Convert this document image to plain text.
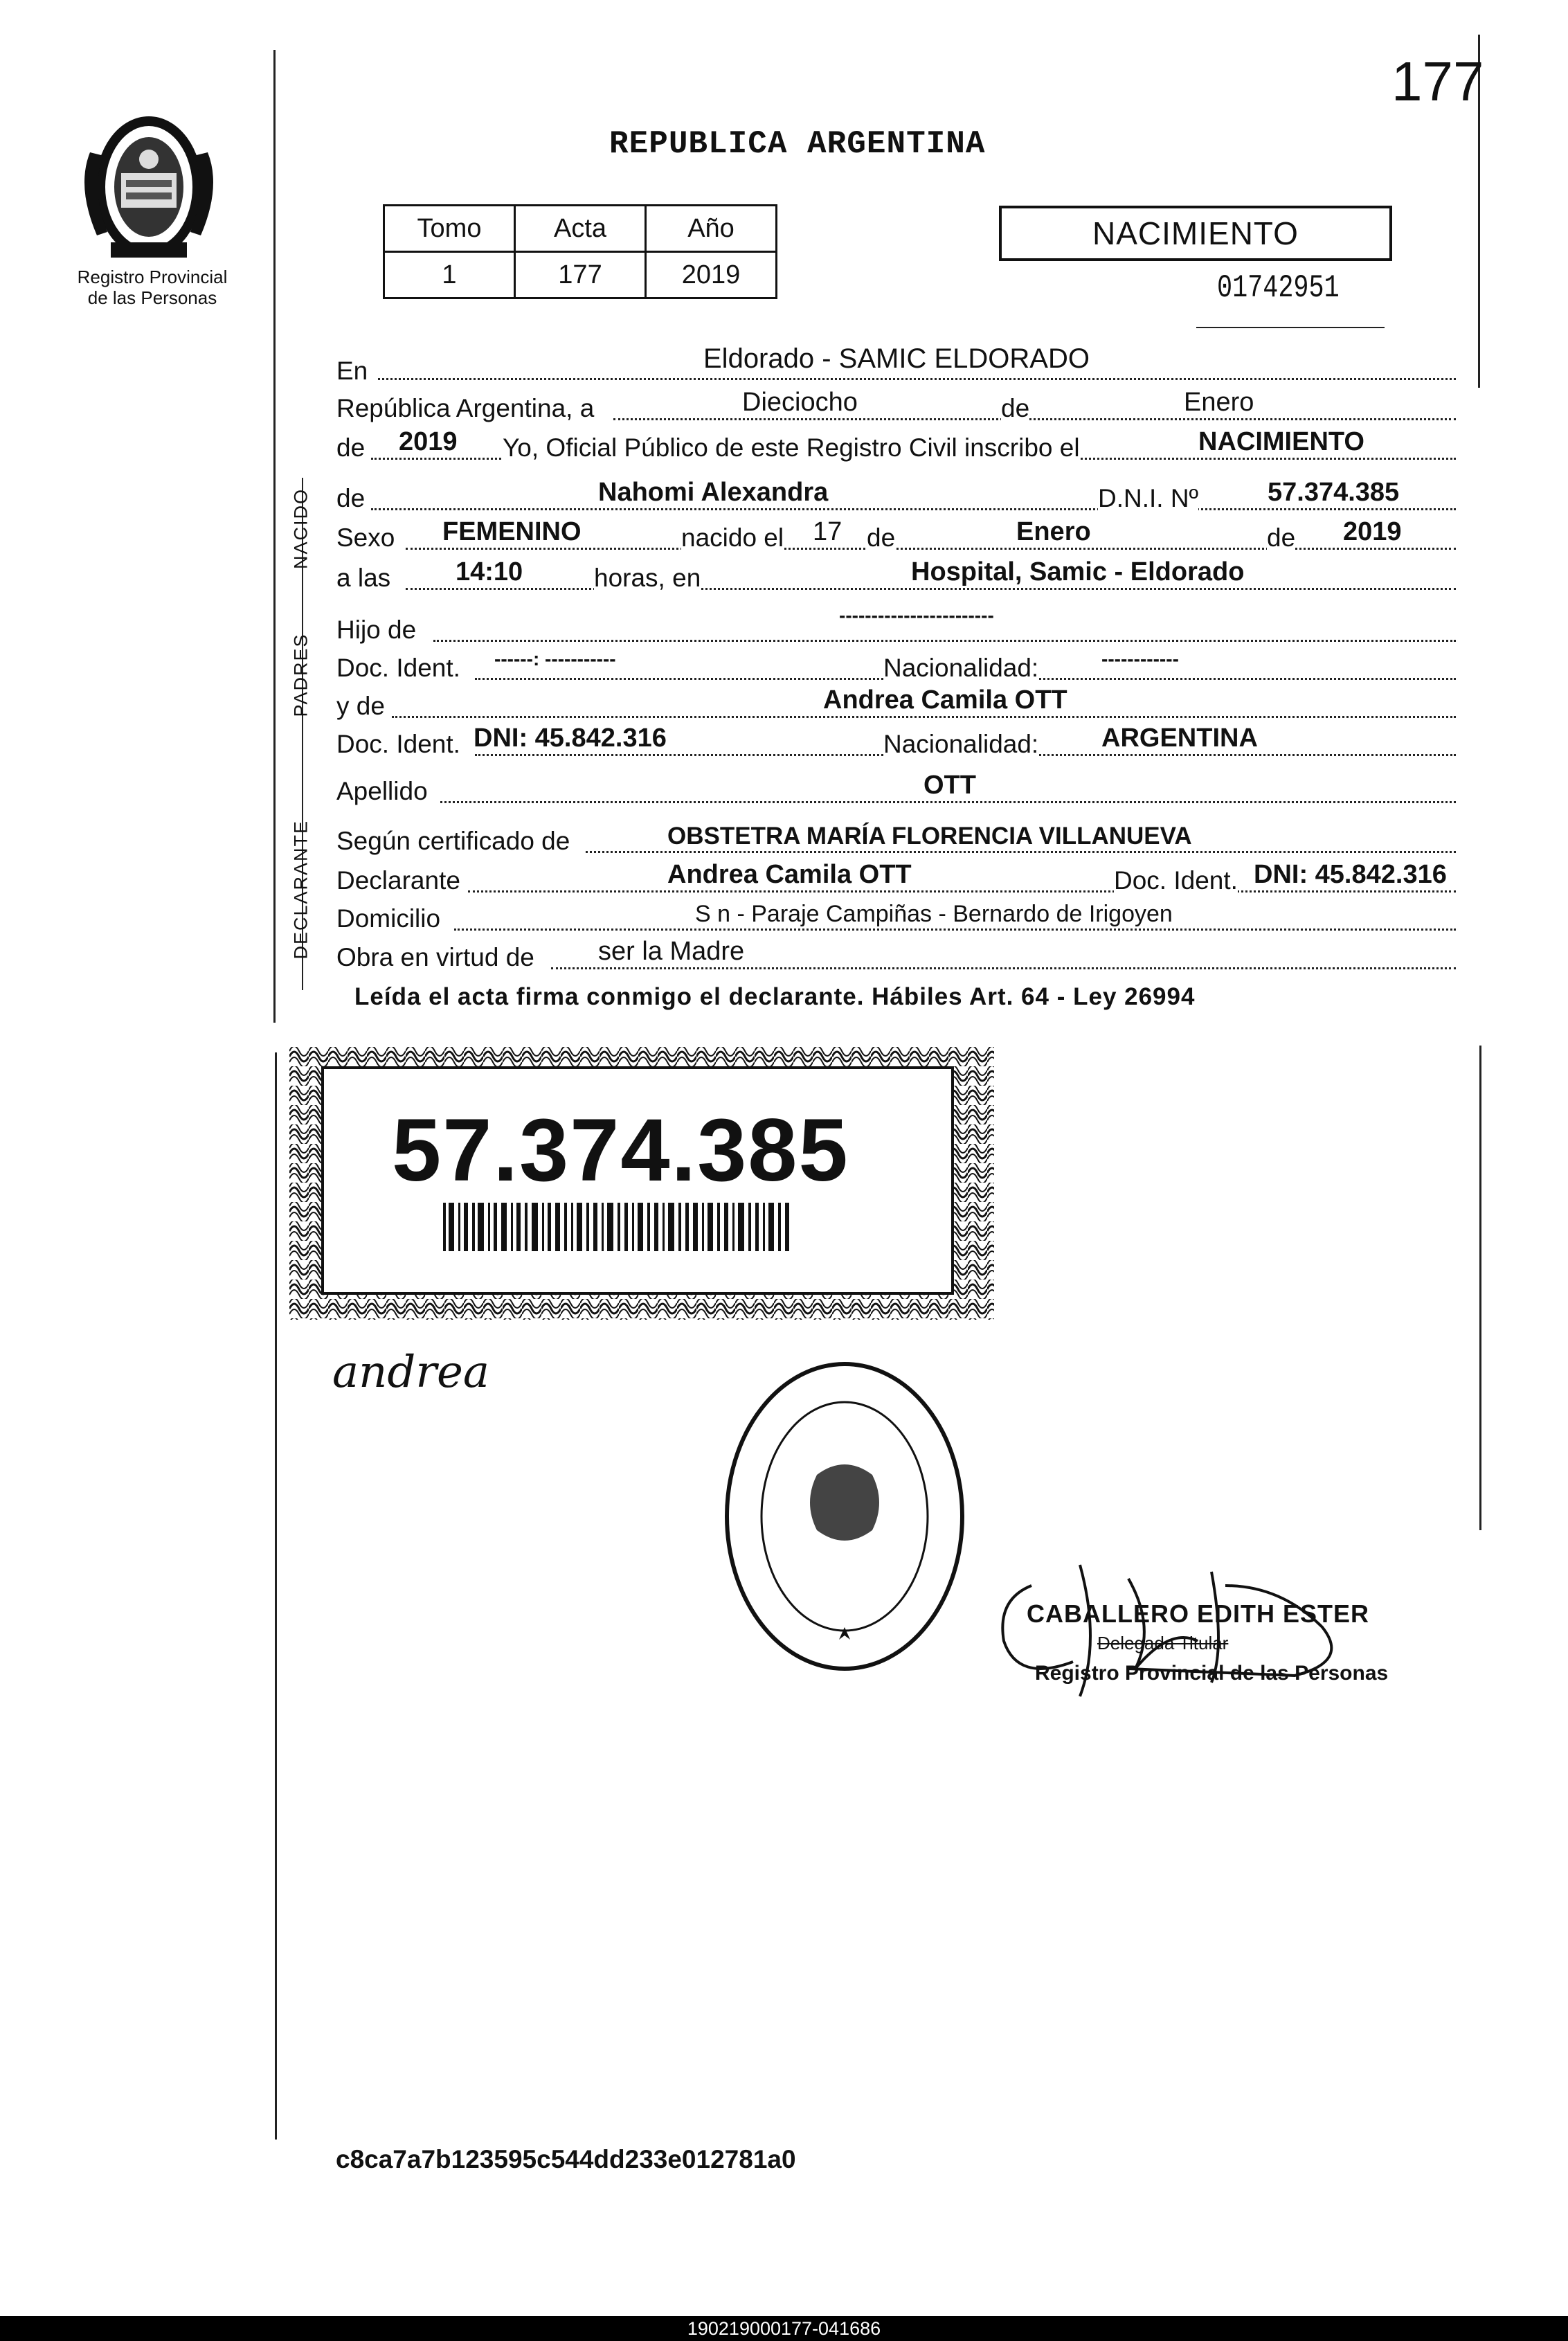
177
Registro Provincial
de las Personas
REPUBLICA ARGENTINA
Tomo	Acta	Año
1	177	2019
NACIMIENTO
01742951
NACIDO
PADRES
DECLARANTE
En	Eldorado - SAMIC ELDORADO
República Argentina, a	Dieciocho	de	Enero
de 2019 Yo, Oficial Público de este Registro Civil inscribo el	NACIMIENTO
de	Nahomi Alexandra	D.N.I. Nº	57.374.385
Sexo FEMENINO	nacido el 17 de	Enero	de 2019
a las 14:10	horas, en	Hospital, Samic - Eldorado
Hijo de
------------------------
Doc. Ident. ------: -----------	Nacionalidad:	------------
y de	Andrea Camila OTT
Doc. Ident. DNI: 45.842.316	Nacionalidad: ARGENTINA
Apellido	OTT
Según certificado de	OBSTETRA MARÍA FLORENCIA VILLANUEVA
Declarante	Andrea Camila OTT	Doc. Ident. DNI: 45.842.316
Domicilio	S n - Paraje Campiñas - Bernardo de Irigoyen
Obra en virtud de ser la Madre
Leída el acta firma conmigo el declarante. Hábiles Art. 64 - Ley 26994
57.374.385
andrea
CABALLERO EDITH ESTER
Delegada Titular
Registro Provincial de las Personas
c8ca7a7b123595c544dd233e012781a0
190219000177-041686
